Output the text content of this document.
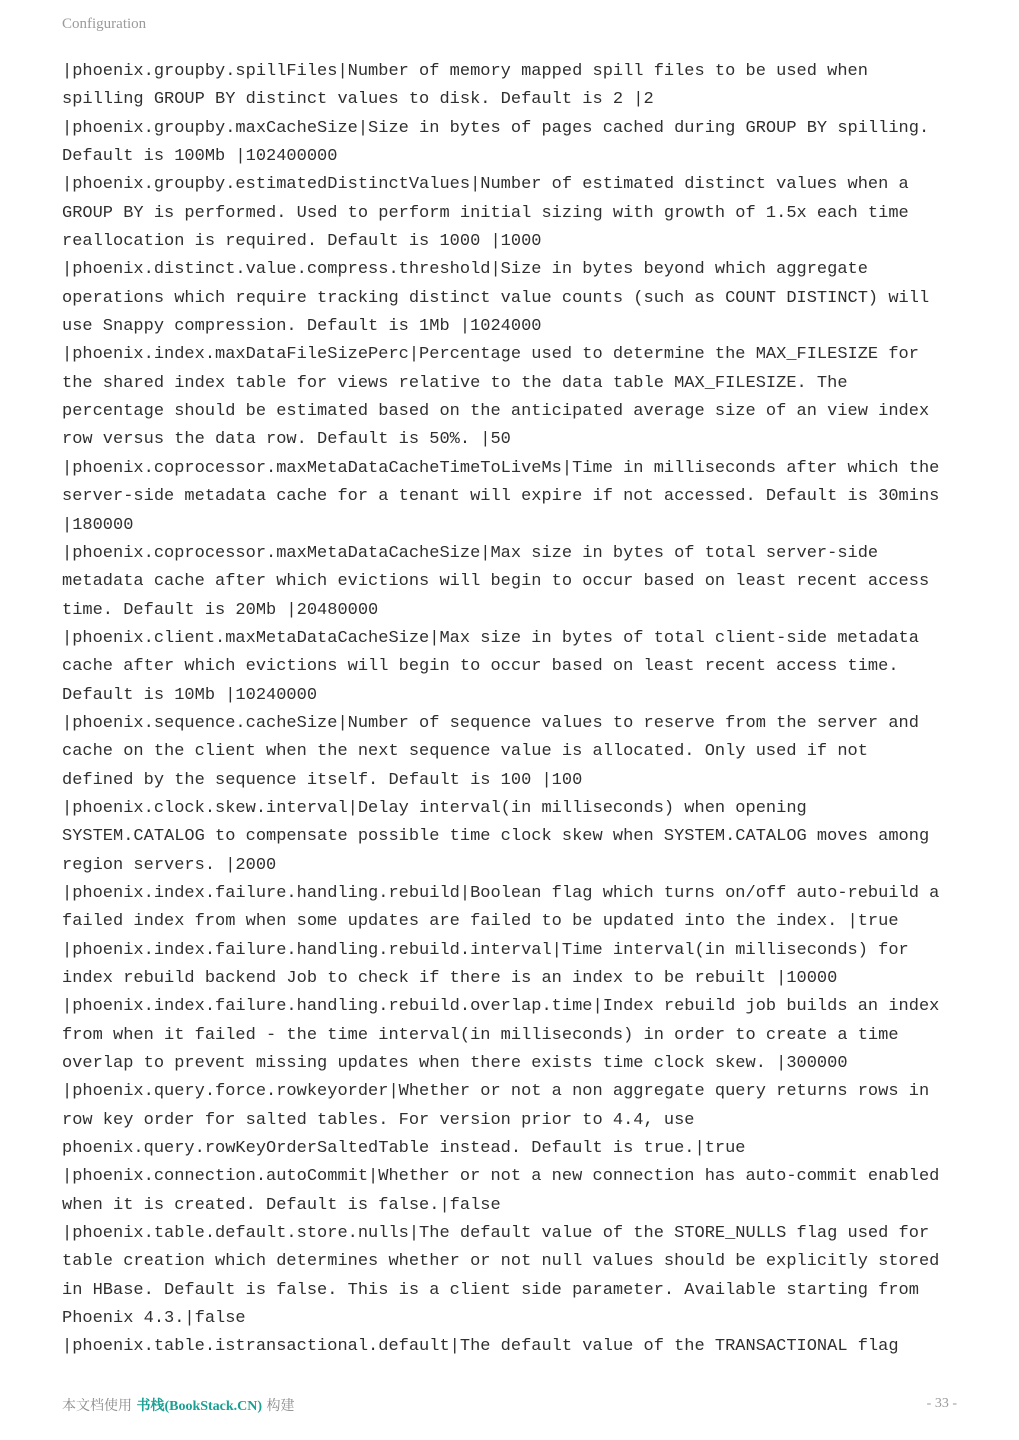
Configuration
|phoenix.groupby.spillFiles|Number of memory mapped spill files to be used when
spilling GROUP BY distinct values to disk. Default is 2 |2
|phoenix.groupby.maxCacheSize|Size in bytes of pages cached during GROUP BY spilling.
Default is 100Mb |102400000
|phoenix.groupby.estimatedDistinctValues|Number of estimated distinct values when a
GROUP BY is performed. Used to perform initial sizing with growth of 1.5x each time
reallocation is required. Default is 1000 |1000
|phoenix.distinct.value.compress.threshold|Size in bytes beyond which aggregate
operations which require tracking distinct value counts (such as COUNT DISTINCT) will
use Snappy compression. Default is 1Mb |1024000
|phoenix.index.maxDataFileSizePerc|Percentage used to determine the MAX_FILESIZE for
the shared index table for views relative to the data table MAX_FILESIZE. The
percentage should be estimated based on the anticipated average size of an view index
row versus the data row. Default is 50%. |50
|phoenix.coprocessor.maxMetaDataCacheTimeToLiveMs|Time in milliseconds after which the
server-side metadata cache for a tenant will expire if not accessed. Default is 30mins
|180000
|phoenix.coprocessor.maxMetaDataCacheSize|Max size in bytes of total server-side
metadata cache after which evictions will begin to occur based on least recent access
time. Default is 20Mb |20480000
|phoenix.client.maxMetaDataCacheSize|Max size in bytes of total client-side metadata
cache after which evictions will begin to occur based on least recent access time.
Default is 10Mb |10240000
|phoenix.sequence.cacheSize|Number of sequence values to reserve from the server and
cache on the client when the next sequence value is allocated. Only used if not
defined by the sequence itself. Default is 100 |100
|phoenix.clock.skew.interval|Delay interval(in milliseconds) when opening
SYSTEM.CATALOG to compensate possible time clock skew when SYSTEM.CATALOG moves among
region servers. |2000
|phoenix.index.failure.handling.rebuild|Boolean flag which turns on/off auto-rebuild a
failed index from when some updates are failed to be updated into the index. |true
|phoenix.index.failure.handling.rebuild.interval|Time interval(in milliseconds) for
index rebuild backend Job to check if there is an index to be rebuilt |10000
|phoenix.index.failure.handling.rebuild.overlap.time|Index rebuild job builds an index
from when it failed - the time interval(in milliseconds) in order to create a time
overlap to prevent missing updates when there exists time clock skew. |300000
|phoenix.query.force.rowkeyorder|Whether or not a non aggregate query returns rows in
row key order for salted tables. For version prior to 4.4, use
phoenix.query.rowKeyOrderSaltedTable instead. Default is true.|true
|phoenix.connection.autoCommit|Whether or not a new connection has auto-commit enabled
when it is created. Default is false.|false
|phoenix.table.default.store.nulls|The default value of the STORE_NULLS flag used for
table creation which determines whether or not null values should be explicitly stored
in HBase. Default is false. This is a client side parameter. Available starting from
Phoenix 4.3.|false
|phoenix.table.istransactional.default|The default value of the TRANSACTIONAL flag
本文档使用 书栈(BookStack.CN) 构建	- 33 -
